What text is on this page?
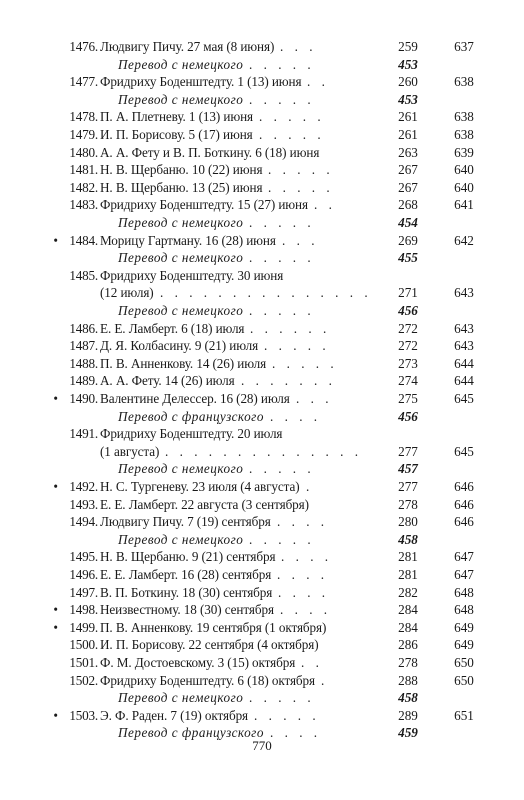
1476. Людвигу Пичу. 27 мая (8 июня) . . .	259	637
Перевод с немецкого . . . . .	453
1477. Фридриху Боденштедту. 1 (13) июня . .	260	638
Перевод с немецкого . . . . .	453
1478. П. А. Плетневу. 1 (13) июня . . . . .	261	638
1479. И. П. Борисову. 5 (17) июня . . . . .	261	638
1480. А. А. Фету и В. П. Боткину. 6 (18) июня	263	639
1481. Н. В. Щербаню. 10 (22) июня . . . . .	267	640
1482. Н. В. Щербаню. 13 (25) июня . . . . .	267	640
1483. Фридриху Боденштедту. 15 (27) июня . .	268	641
Перевод с немецкого . . . . .	454
• 1484. Морицу Гартману. 16 (28) июня . . .	269	642
Перевод с немецкого . . . . .	455
1485. Фридриху Боденштедту. 30 июня
(12 июля) . . . . . . . . . . . . . . .	271	643
Перевод с немецкого . . . . .	456
1486. Е. Е. Ламберт. 6 (18) июля . . . . . .	272	643
1487. Д. Я. Колбасину. 9 (21) июля . . . . .	272	643
1488. П. В. Анненкову. 14 (26) июля . . . . .	273	644
1489. А. А. Фету. 14 (26) июля . . . . . . .	274	644
• 1490. Валентине Делессер. 16 (28) июля . . .	275	645
Перевод с французского . . . .	456
1491. Фридриху Боденштедту. 20 июля
(1 августа) . . . . . . . . . . . . . .	277	645
Перевод с немецкого . . . . .	457
• 1492. Н. С. Тургеневу. 23 июля (4 августа) .	277	646
1493. Е. Е. Ламберт. 22 августа (3 сентября)	278	646
1494. Людвигу Пичу. 7 (19) сентября . . . .	280	646
Перевод с немецкого . . . . .	458
1495. Н. В. Щербаню. 9 (21) сентября . . . .	281	647
1496. Е. Е. Ламберт. 16 (28) сентября . . . .	281	647
1497. В. П. Боткину. 18 (30) сентября . . . .	282	648
• 1498. Неизвестному. 18 (30) сентября . . . .	284	648
• 1499. П. В. Анненкову. 19 сентября (1 октября)	284	649
1500. И. П. Борисову. 22 сентября (4 октября)	286	649
1501. Ф. М. Достоевскому. 3 (15) октября . .	278	650
1502. Фридриху Боденштедту. 6 (18) октября .	288	650
Перевод с немецкого . . . . .	458
• 1503. Э. Ф. Раден. 7 (19) октября . . . . .	289	651
Перевод с французского . . . .	459
770
